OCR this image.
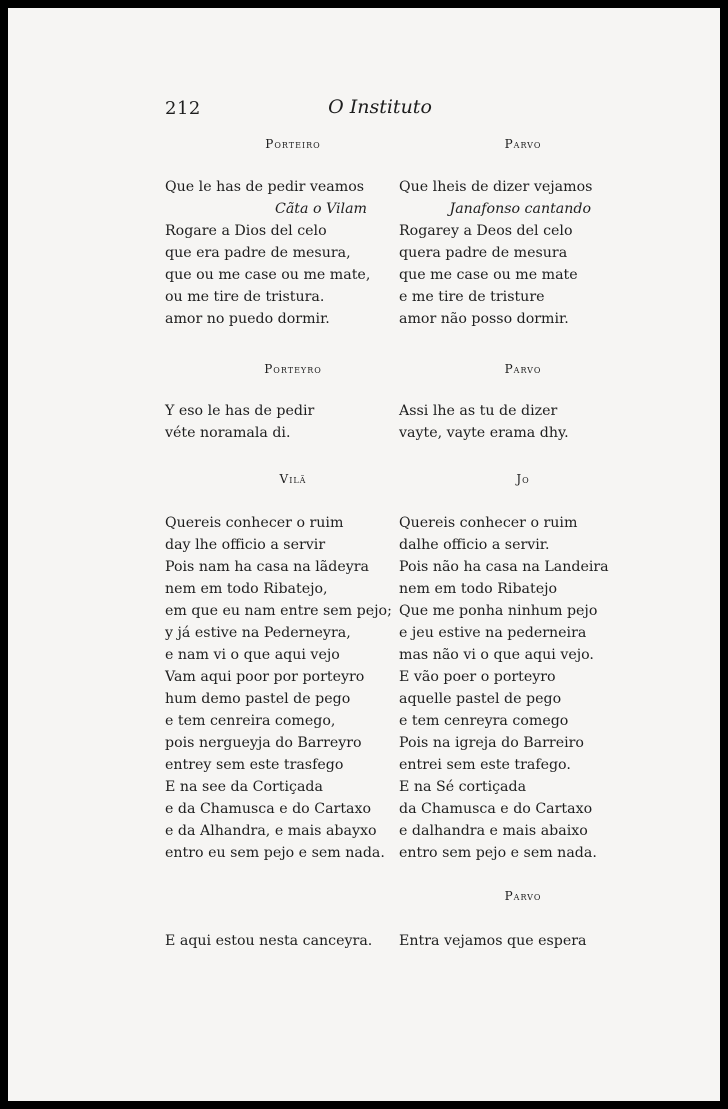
212	O Instituto
Porteiro
Que le has de pedir veamos
Cãta o Vilam
Rogare a Dios del celo
que era padre de mesura,
que ou me case ou me mate,
ou me tire de tristura.
amor no puedo dormir.
Porteyro
Y eso le has de pedir
véte noramala di.
Vilã
Quereis conhecer o ruim
day lhe officio a servir
Pois nam ha casa na lãdeyra
nem em todo Ribatejo,
em que eu nam entre sem pejo;
y já estive na Pederneyra,
e nam vi o que aqui vejo
Vam aqui poor por porteyro
hum demo pastel de pego
e tem cenreira comego,
pois nergueyja do Barreyro
entrey sem este trasfego
E na see da Cortiçada
e da Chamusca e do Cartaxo
e da Alhandra, e mais abayxo
entro eu sem pejo e sem nada.
E aqui estou nesta canceyra.
Parvo
Que lheis de dizer vejamos
Janafonso cantando
Rogarey a Deos del celo
quera padre de mesura
que me case ou me mate
e me tire de tristure
amor não posso dormir.
Parvo
Assi lhe as tu de dizer
vayte, vayte erama dhy.
Jo
Quereis conhecer o ruim
dalhe officio a servir.
Pois não ha casa na Landeira
nem em todo Ribatejo
Que me ponha ninhum pejo
e jeu estive na pederneira
mas não vi o que aqui vejo.
E vão poer o porteyro
aquelle pastel de pego
e tem cenreyra comego
Pois na igreja do Barreiro
entrei sem este trafego.
E na Sé cortiçada
da Chamusca e do Cartaxo
e dalhandra e mais abaixo
entro sem pejo e sem nada.
Parvo
Entra vejamos que espera
